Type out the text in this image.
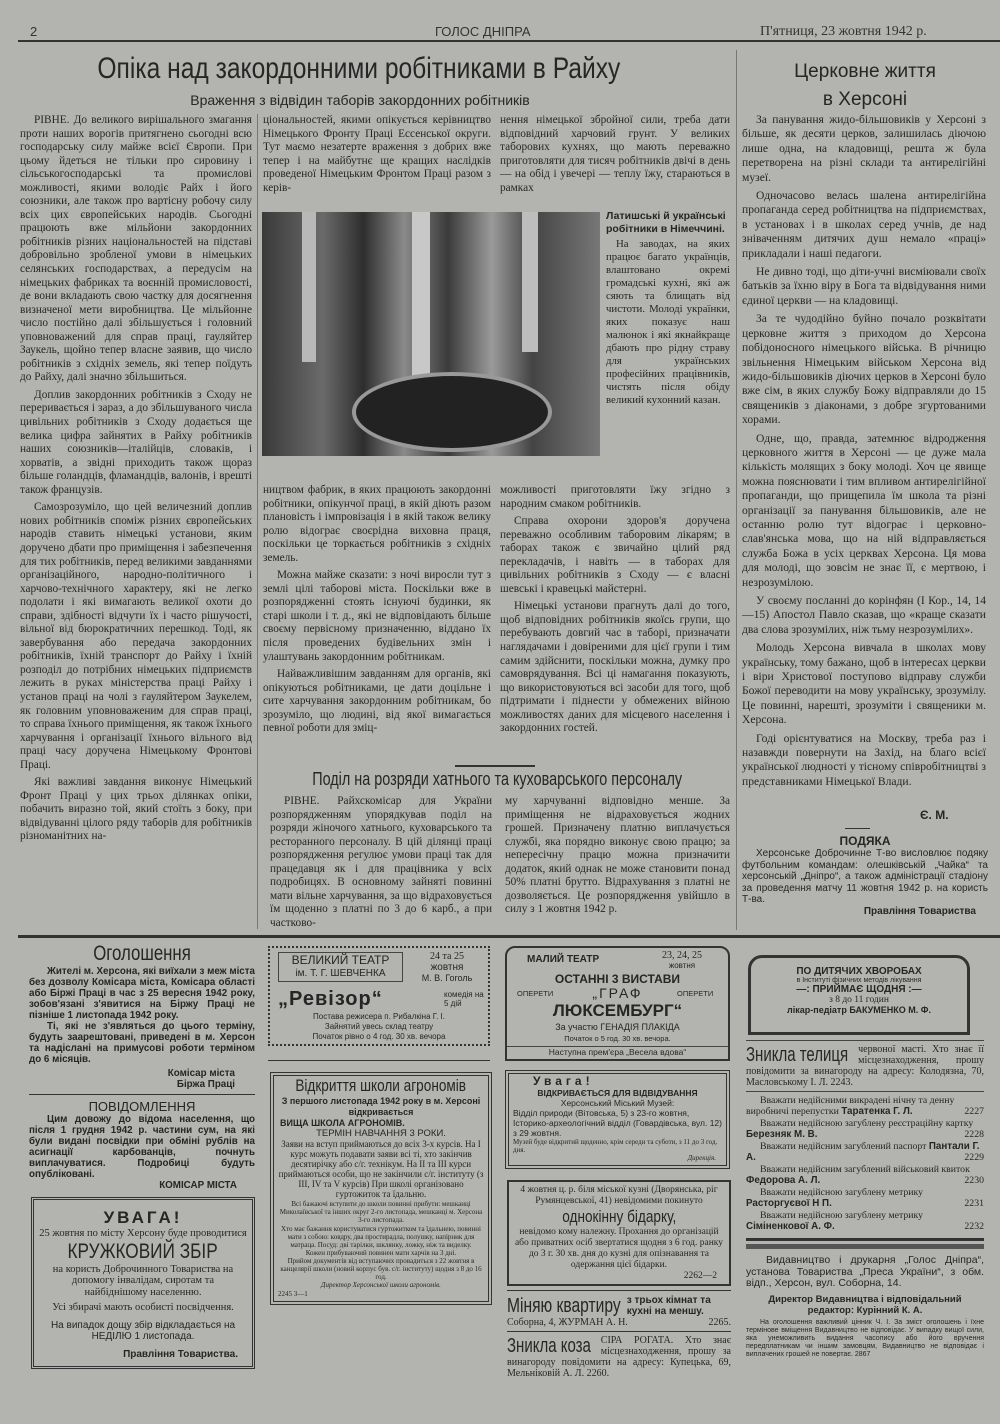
2	ГОЛОС ДНІПРА	П'ятниця, 23 жовтня 1942 р.
Опіка над закордонними робітниками в Райху
Враження з відвідин таборів закордонних робітників

РІВНЕ. До великого вирішального змагання проти наших ворогів притягнено сьогодні всю господарську силу майже всієї Європи. При цьому йдеться не тільки про сировину і сільськогосподарські та промислові можливості, якими володіє Райх і його союзники, але також про вартісну робочу силу всіх цих європейських народів. Сьогодні працюють вже мільйони закордонних робітників різних національностей на підставі добровільно зробленої умови в німецьких селянських господарствах, а передусім на німецьких фабриках та воєнній промисловості, де вони вкладають свою частку для досягнення визначеної мети виробництва. Це мільйонне число постійно далі збільшується і головний уповноважений для справ праці, гауляйтер Заукель, щойно тепер власне заявив, що число робітників з східніх земель, які тепер поїдуть до Райху, далі значно збільшиться.

Доплив закордонних робітників з Сходу не переривається і зараз, а до збільшуваного числа цивільних робітників з Сходу додається ще велика цифра зайнятих в Райху робітників наших союзників—італійців, словаків, і хорватів, а звідні приходить також щораз більше голандців, фламандців, валонів, і врешті також французів.

Самозрозуміло, що цей величезний доплив нових робітників споміж різних європейських народів ставить німецькі установи, яким доручено дбати про приміщення і забезпечення для тих робітників, перед великими завданнями організаційного, народно-політичного і харчово-технічного характеру, які не легко подолати і які вимагають великої охоти до справи, здібності відчути їх і часто рішучості, вільної від бюрократичних перешкод. Тоді, як завербування або передача закордонних робітників, їхній транспорт до Райху і їхній розподіл до потрібних німецьких підприємств лежить в руках міністерства праці Райху і установ праці на чолі з гауляйтером Заукелем, як головним уповноваженим для справ праці, то справа їхнього приміщення, як також їхнього харчування і організації їхнього вільного від праці часу доручена Німецькому Фронтові Праці.

Які важливі завдання виконує Німецький Фронт Праці у цих трьох ділянках опіки, побачить виразно той, який стоїть з боку, при відвідуванні цілого ряду таборів для робітників різноманітних на-

ціональностей, якими опікується керівництво Німецького Фронту Праці Ессенської округи. Тут маємо незатерте враження з добрих вже тепер і на майбутнє ще кращих наслідків проведеної Німецьким Фронтом Праці разом з керів-

нення німецької збройної сили, треба дати відповідний харчовий грунт. У великих таборових кухнях, що мають переважно приготовляти для тисяч робітників двічі в день — на обід і увечері — теплу їжу, стараються в рамках

Латишські й українські робітники в Німеччині.
На заводах, на яких працює багато українців, влаштовано окремі громадські кухні, які аж сяють та блищать від чистоти. Молоді українки, яких показує наш малюнок і які якнайкраще дбають про рідну страву для українських професійних працівників, чистять після обіду великий кухонний казан.

ництвом фабрик, в яких працюють закордонні робітники, опікунчої праці, в якій діють разом плановість і імпровізація і в якій також велику ролю відограє своєрідна виховна праця, поскільки це торкається робітників з східніх земель.

Можна майже сказати: з ночі виросли тут з землі цілі таборові міста. Поскільки вже в розпорядженні стоять існуючі будинки, як старі школи і т. д., які не відповідають більше своєму первісному призначенню, віддано їх після проведених будівельних змін і улаштувань закордонним робітникам.

Найважливішим завданням для органів, які опікуються робітниками, це дати доцільне і сите харчування закордонним робітникам, бо зрозуміло, що людині, від якої вимагається певної роботи для зміц-

можливості приготовляти їжу згідно з народним смаком робітників.

Справа охорони здоров'я доручена переважно особливим таборовим лікарям; в таборах також є звичайно цілий ряд перекладачів, і навіть — в таборах для цивільних робітників з Сходу — є власні шевські і кравецькі майстерні.

Німецькі установи прагнуть далі до того, щоб відповідних робітників якоїсь групи, що перебувають довгий час в таборі, призначати наглядачами і довіреними для цієї групи і тим самим здійснити, поскільки можна, думку про самоврядування. Всі ці намагання показують, що використовуються всі засоби для того, щоб підтримати і піднести у обмежених війною можливостях даних для місцевого населення і закордонних гостей.

Поділ на розряди хатнього та куховарського персоналу

РІВНЕ. Райхскомісар для України розпорядженням упорядкував поділ на розряди жіночого хатнього, куховарського та ресторанного персоналу. В цій ділянці праці розпорядження регулює умови праці так для працедавця як і для працівника у всіх подробицях. В основному зайняті повинні мати вільне харчування, за що відраховується їм щоденно з платні по 3 до 6 карб., а при частково-

му харчуванні відповідно менше. За приміщення не відраховується жодних грошей. Призначену платню виплачується службі, яка порядно виконує свою працю; за непересічну працю можна призначити додаток, який однак не може становити понад 50% платні брутто. Відрахування з платні не дозволяється. Це розпорядження увійшло в силу з 1 жовтня 1942 р.

Церковне життя
в Херсоні

За панування жидо-більшовиків у Херсоні з більше, як десяти церков, залишилась діючою лише одна, на кладовищі, решта ж була перетворена на різні склади та антирелігійні музеї.

Одночасово велась шалена антирелігійна пропаганда серед робітництва на підприємствах, в установах і в школах серед учнів, де над зніваченням дитячих душ немало «праці» прикладали і наші педагоги.

Не дивно тоді, що діти-учні висміювали своїх батьків за їхню віру в Бога та відвідування ними єдиної церкви — на кладовищі.

За те чудодійно буйно почало розквітати церковне життя з приходом до Херсона побідоносного німецького війська. В річницю звільнення Німецьким військом Херсона від жидо-більшовиків діючих церков в Херсоні було вже сім, в яких службу Божу відправляли до 15 священиків з діаконами, з добре згуртованими хорами.

Одне, що, правда, затемнює відродження церковного життя в Херсоні — це дуже мала кількість молящих з боку молоді. Хоч це явище можна пояснювати і тим впливом антирелігійної пропаганди, що прищепила їм школа та різні організації за панування більшовиків, але не останню ролю тут відограє і церковно-слав'янська мова, що на ній відправляється служба Божа в усіх церквах Херсона. Ця мова для молоді, що зовсім не знає її, є мертвою, і незрозумілою.

У своєму посланні до корінфян (I Кор., 14, 14—15) Апостол Павло сказав, що «краще сказати два слова зрозумілих, ніж тьму незрозумілих».

Молодь Херсона вивчала в школах мову українську, тому бажано, щоб в інтересах церкви і віри Христової поступово відправу служби Божої переводити на мову українську, зрозумілу. Це повинні, нарешті, зрозуміти і священики м. Херсона.

Годі орієнтуватися на Москву, треба раз і назавжди повернути на Захід, на благо всієї української людності у тісному співробітництві з представниками Німецької Влади.

Є. М.
ПОДЯКА
Херсонське Доброчинне Т-во висловлює подяку футбольним командам: олешківській „Чайка“ та херсонській „Дніпро“, а також адміністрації стадіону за проведення матчу 11 жовтня 1942 р. на користь Т-ва.
Правління Товариства
Оголошення
Жителі м. Херсона, які виїхали з меж міста без дозволу Комісара міста, Комісара області або Біржі Праці в час з 25 вересня 1942 року, зобов'язані з'явитися на Біржу Праці не пізніше 1 листопада 1942 року.
Ті, які не з'являться до цього терміну, будуть заарештовані, приведені в м. Херсон та надіслані на примусові роботи терміном до 6 місяців.
Комісар міста
Біржа Праці
ПОВІДОМЛЕННЯ
Цим довожу до відома населення, що після 1 грудня 1942 р. частини сум, на які були видані посвідки при обміні рублів на асигнації карбованців, почнуть виплачуватися. Подробиці будуть опубліковані.
КОМІСАР МІСТА
УВАГА!
25 жовтня по місту Херсону буде проводитися
КРУЖКОВИЙ ЗБІР
на користь Доброчинного Товариства на допомогу інвалідам, сиротам та найбіднішому населенню.
Усі збирачі мають особисті посвідчення.
На випадок дощу збір відкладається на НЕДІЛЮ 1 листопада.
Правління Товариства.
ВЕЛИКИЙ ТЕАТР
ім. Т. Г. ШЕВЧЕНКА
24 та 25
жовтня
М. В. Гоголь
„Ревізор“	комедія на 5 дій
Постава режисера п. Рибалкіна Г. І.
Зайнятий увесь склад театру
Початок рівно о 4 год. 30 хв. вечора
Відкриття школи агрономів
З першого листопада 1942 року в м. Херсоні відкривається
ВИЩА ШКОЛА АГРОНОМІВ.
ТЕРМІН НАВЧАННЯ 3 РОКИ.
Заяви на вступ приймаються до всіх 3-х курсів. На I курс можуть подавати заяви всі ті, хто закінчив десятирічку або с/г. технікум. На II та III курси приймаються особи, що не закінчили с/г. інституту (з III, IV та V курсів) При школі організовано гуртожиток та їдальню.
Всі бажаючі вступити до школи повинні прибути: мешканці Миколаївської та інших округ 2-го листопада, мешканці м. Херсона 3-го листопада.
Хто має бажання користуватися гуртожитком та їдальнею, повинні мати з собою: ковдру, два простирадла, полушку, напірник для матраца. Посуд: дві тарілки, шклянку, ложку, ніж та виделку.
Кожен прибуваючий повинен мати харчів на 3 дні.
Прийом документів від вступаючих провадиться з 22 жовтня в канцелярії школи (новий корпус був. с/г. інституту) щодня з 8 до 16 год.
Директор Херсонської школи агрономів.
2245 3—1
МАЛИЙ ТЕАТР	23, 24, 25
жовтня
ОСТАННІ 3 ВИСТАВИ
ОПЕРЕТИ	ОПЕРЕТИ
„ГРАФ
ЛЮКСЕМБУРГ“
За участю ГЕНАДІЯ ПЛАКІДА
Початок о 5 год. 30 хв. вечора.
Наступна прем'єра „Весела вдова“
Увага!
ВІДКРИВАЄТЬСЯ ДЛЯ ВІДВІДУВАННЯ
Херсонський Міський Музей:
Відділ природи (Вітовська, 5) з 23-го жовтня, Історико-археологічний відділ (Говардівська, вул. 12) з 29 жовтня.
Музей буде відкритий щоденно, крім середи та суботи, з 11 до 3 год. дня.
Дирекція.
4 жовтня ц. р. біля міської кузні (Дворянська, ріг Румянцевської, 41) невідомими покинуто
однокінну бідарку,
невідомо кому належну. Прохання до організацій або приватних осіб звертатися щодня з 6 год. ранку до 3 г. 30 хв. дня до кузні для опізнавання та одержання цієї бідарки.
2262—2
Міняю квартиру з трьох кімнат та кухні на меншу.
Соборна, 4, ЖУРМАН А. Н.	2265.
Зникла коза СІРА РОГАТА. Хто знає місцезнаходження, прошу за винагороду повідомити на адресу: Купецька, 69, Мельніковій А. Л. 2260.
ПО ДИТЯЧИХ ХВОРОБАХ
в Інституті фізичних методів лікування
—: ПРИЙМАЄ ЩОДНЯ :—
з 8 до 11 годин
лікар-педіатр БАКУМЕНКО М. Ф.
Зникла телиця червоної масті. Хто знає її місцезнаходження, прошу повідомити за винагороду на адресу: Колодязна, 70, Масловському І. Л. 2243.
Вважати недійсними викрадені нічну та денну виробничі перепустки Таратенка Г. Л.	2227
Вважати недійсною загублену реєстраційну картку Березняк М. В.	2228
Вважати недійсним загублений паспорт Пантали Г. А.	2229
Вважати недійсним загублений військовий квиток Федорова А. Л.	2230
Вважати недійсною загублену метрику Расторгуєвої Н П.	2231
Вважати недійсною загублену метрику Сіміненкової А. Ф.	2232
Видавництво і друкарня „Голос Дніпра“, установа Товариства „Преса України“, з обм. відп., Херсон, вул. Соборна, 14.
Директор Видавництва і відповідальний редактор: Курінний К. А.
На оголошення важливий цінник Ч. I. За зміст оголошень і їхне термінове вміщення Видавництво не відповідає. У випадку вищої сили, яка унеможливить видання часопису або його вручення передплатникам чи іншим замовцям, Видавництво не відповідає і виплачених грошей не повертає. 2867
